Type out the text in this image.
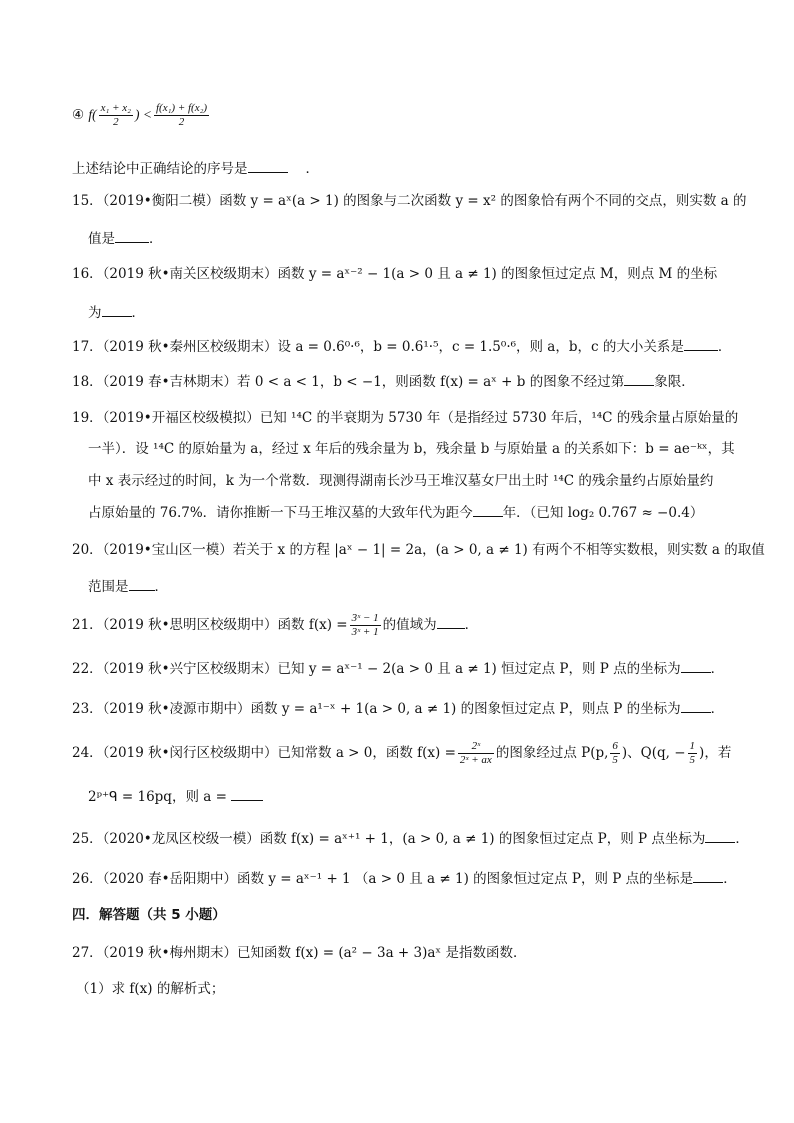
④ $f( \frac{\text{x₁ + x₂}}{2}$ ) < $\frac{\text{f(x₁) + f(x₂)}}{2}$
上述结论中正确结论的序号是	．
15．（2019•衡阳二模）函数 y = aˣ(a > 1) 的图象与二次函数 y = x² 的图象恰有两个不同的交点，则实数 a 的
值是	．
16．（2019 秋•南关区校级期末）函数 y = aˣ⁻² − 1(a > 0 且 a ≠ 1) 的图象恒过定点 M，则点 M 的坐标
为 ．
17．（2019 秋•秦州区校级期末）设 a = 0.6⁰·⁶，b = 0.6¹·⁵，c = 1.5⁰·⁶，则 a，b，c 的大小关系是	．
18．（2019 春•吉林期末）若 0 < a < 1，b < −1，则函数 f(x) = aˣ + b 的图象不经过第 象限．
19．（2019•开福区校级模拟）已知 ¹⁴C 的半衰期为 5730 年（是指经过 5730 年后，¹⁴C 的残余量占原始量的
一半）．设 ¹⁴C 的原始量为 a，经过 x 年后的残余量为 b，残余量 b 与原始量 a 的关系如下：b = ae⁻ᵏˣ，其
中 x 表示经过的时间，k 为一个常数．现测得湖南长沙马王堆汉墓女尸出土时 ¹⁴C 的残余量约占原始量约
占原始量的 76.7%．请你推断一下马王堆汉墓的大致年代为距今 年．（已知 log₂ 0.767 ≈ −0.4）
20．（2019•宝山区一模）若关于 x 的方程 |aˣ − 1| = 2a，(a > 0, a ≠ 1) 有两个不相等实数根，则实数 a 的取值
范围是 ．
21．（2019 秋•思明区校级期中）函数 $f(x) = \frac{\text{3ˣ − 1}}{\text{3ˣ + 1}}$ 的值域为 ．
22．（2019 秋•兴宁区校级期末）已知 y = aˣ⁻¹ − 2(a > 0 且 a ≠ 1) 恒过定点 P，则 P 点的坐标为 ．
23．（2019 秋•凌源市期中）函数 y = a¹⁻ˣ + 1(a > 0, a ≠ 1) 的图象恒过定点 P，则点 P 的坐标为 ．
24．（2019 秋•闵行区校级期中）已知常数 a > 0，函数 $f(x) = \frac{\text{2ˣ}}{\text{2ˣ + ax}}$ 的图象经过点 P(p, $\frac{6}{5}$ )、Q(q, − $\frac{1}{5}$ )，若
2ᵖ⁺ᑫ = 16pq，则 a =
25．（2020•龙凤区校级一模）函数 f(x) = aˣ⁺¹ + 1，(a > 0, a ≠ 1) 的图象恒过定点 P，则 P 点坐标为 ．
26．（2020 春•岳阳期中）函数 y = aˣ⁻¹ + 1 （a > 0 且 a ≠ 1) 的图象恒过定点 P，则 P 点的坐标是 ．
四．解答题（共 5 小题）
27．（2019 秋•梅州期末）已知函数 f(x) = (a² − 3a + 3)aˣ 是指数函数．
（1）求 f(x) 的解析式；
